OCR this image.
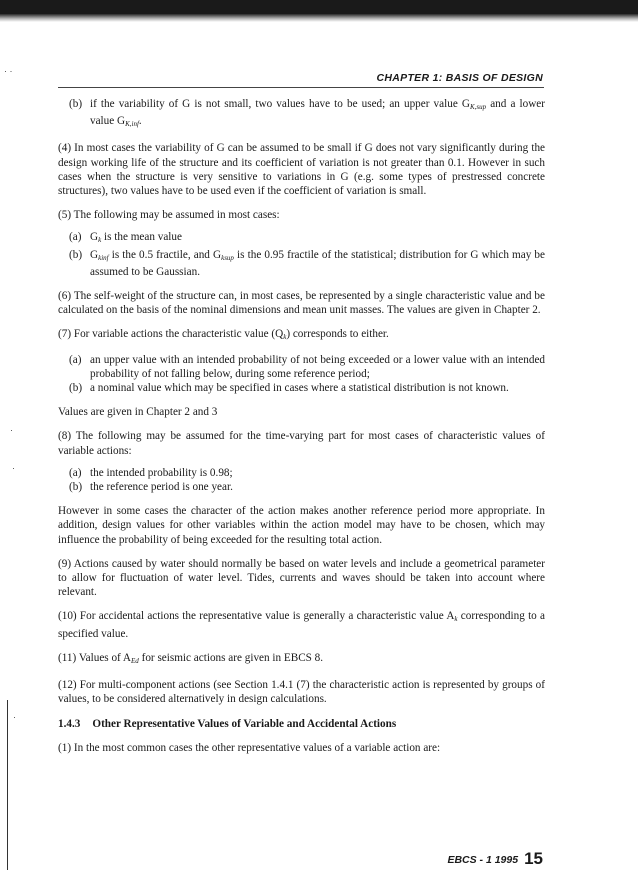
· ·
·
·
·
CHAPTER 1: BASIS OF DESIGN
(b) if the variability of G is not small, two values have to be used; an upper value $G_{K,sup}$ and a lower value $G_{K,inf}$.

(4) In most cases the variability of G can be assumed to be small if G does not vary significantly during the design working life of the structure and its coefficient of variation is not greater than 0.1. However in such cases when the structure is very sensitive to variations in G (e.g. some types of prestressed concrete structures), two values have to be used even if the coefficient of variation is small.

(5) The following may be assumed in most cases:

(a) $G_k$ is the mean value
(b) $G_{kinf}$ is the 0.5 fractile, and $G_{ksup}$ is the 0.95 fractile of the statistical; distribution for G which may be assumed to be Gaussian.

(6) The self-weight of the structure can, in most cases, be represented by a single characteristic value and be calculated on the basis of the nominal dimensions and mean unit masses. The values are given in Chapter 2.

(7) For variable actions the characteristic value $(Q_k)$ corresponds to either.

(a) an upper value with an intended probability of not being exceeded or a lower value with an intended probability of not falling below, during some reference period;
(b) a nominal value which may be specified in cases where a statistical distribution is not known.

Values are given in Chapter 2 and 3

(8) The following may be assumed for the time-varying part for most cases of characteristic values of variable actions:

(a) the intended probability is 0.98;
(b) the reference period is one year.

However in some cases the character of the action makes another reference period more appropriate. In addition, design values for other variables within the action model may have to be chosen, which may influence the probability of being exceeded for the resulting total action.

(9) Actions caused by water should normally be based on water levels and include a geometrical parameter to allow for fluctuation of water level. Tides, currents and waves should be taken into account where relevant.

(10) For accidental actions the representative value is generally a characteristic value $A_k$ corresponding to a specified value.

(11) Values of $A_{Ed}$ for seismic actions are given in EBCS 8.

(12) For multi-component actions (see Section 1.4.1 (7) the characteristic action is represented by groups of values, to be considered alternatively in design calculations.

1.4.3 Other Representative Values of Variable and Accidental Actions

(1) In the most common cases the other representative values of a variable action are:

EBCS - 1 1995 15
